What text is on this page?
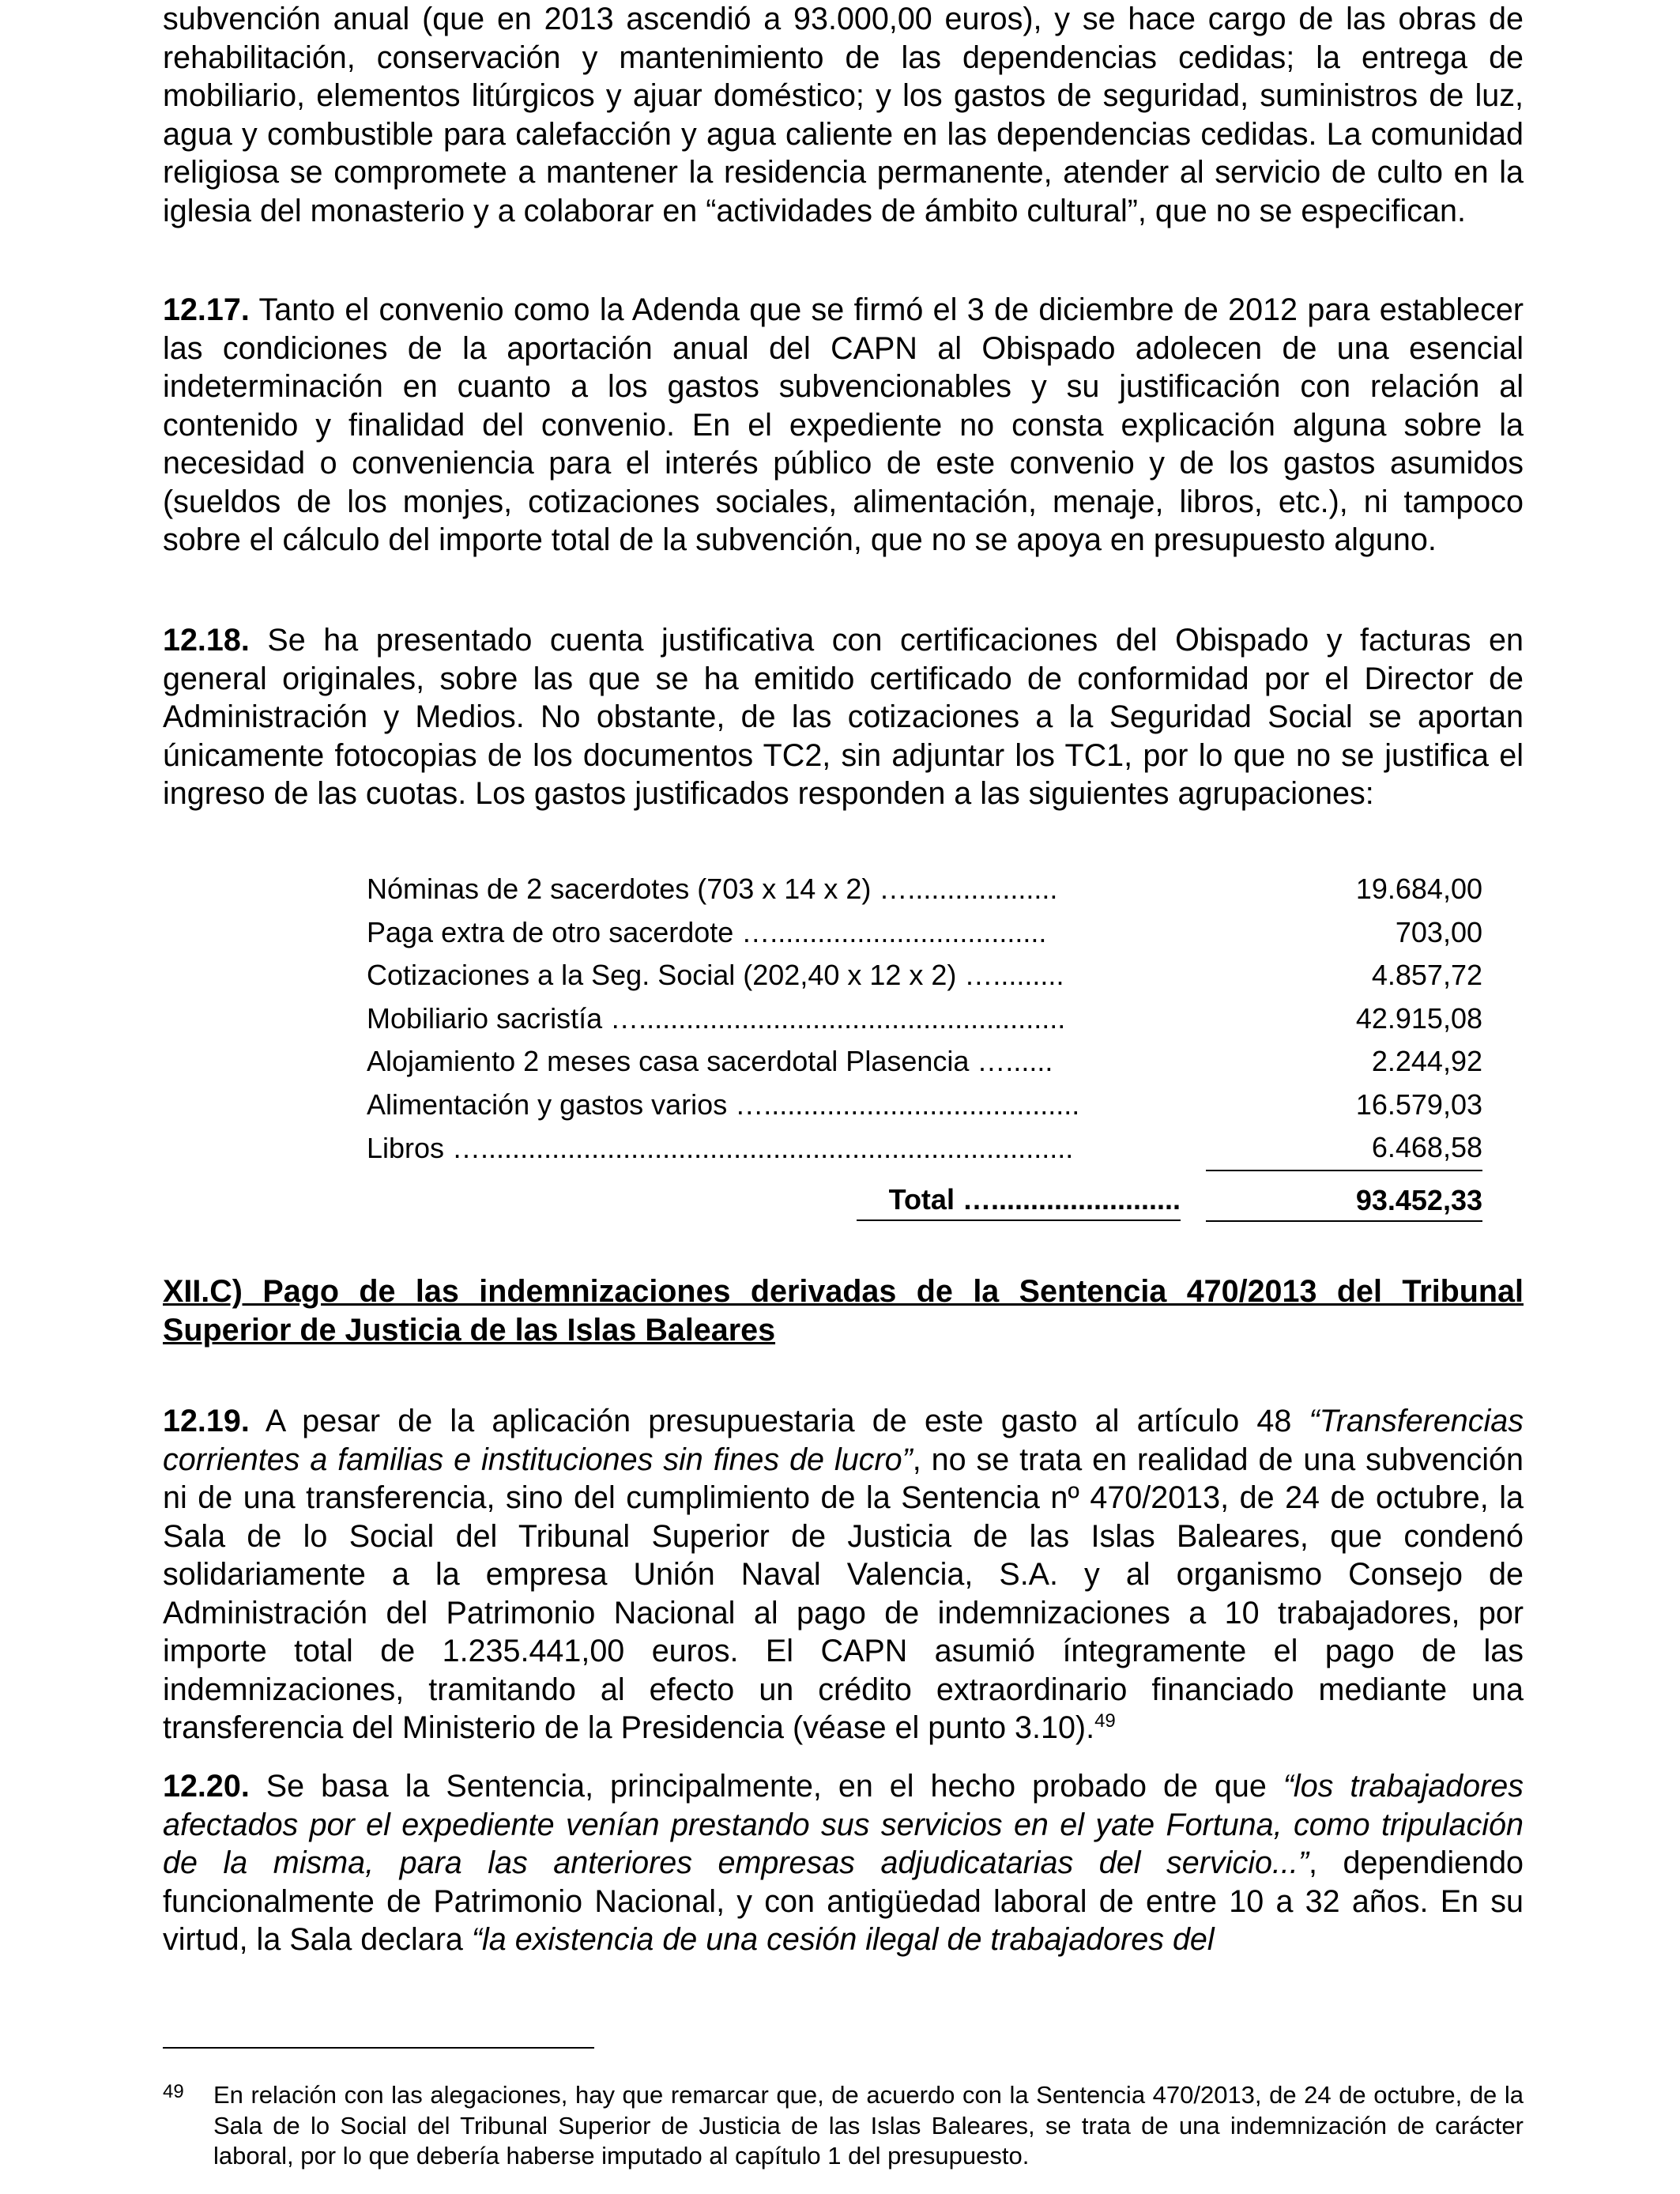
subvención anual (que en 2013 ascendió a 93.000,00 euros), y se hace cargo de las obras de rehabilitación, conservación y mantenimiento de las dependencias cedidas; la entrega de mobiliario, elementos litúrgicos y ajuar doméstico; y los gastos de seguridad, suministros de luz, agua y combustible para calefacción y agua caliente en las dependencias cedidas. La comunidad religiosa se compromete a mantener la residencia permanente, atender al servicio de culto en la iglesia del monasterio y a colaborar en “actividades de ámbito cultural”, que no se especifican.

12.17. Tanto el convenio como la Adenda que se firmó el 3 de diciembre de 2012 para establecer las condiciones de la aportación anual del CAPN al Obispado adolecen de una esencial indeterminación en cuanto a los gastos subvencionables y su justificación con relación al contenido y finalidad del convenio. En el expediente no consta explicación alguna sobre la necesidad o conveniencia para el interés público de este convenio y de los gastos asumidos (sueldos de los monjes, cotizaciones sociales, alimentación, menaje, libros, etc.), ni tampoco sobre el cálculo del importe total de la subvención, que no se apoya en presupuesto alguno.

12.18. Se ha presentado cuenta justificativa con certificaciones del Obispado y facturas en general originales, sobre las que se ha emitido certificado de conformidad por el Director de Administración y Medios. No obstante, de las cotizaciones a la Seguridad Social se aportan únicamente fotocopias de los documentos TC2, sin adjuntar los TC1, por lo que no se justifica el ingreso de las cuotas. Los gastos justificados responden a las siguientes agrupaciones:

Nóminas de 2 sacerdotes (703 x 14 x 2) …...................		19.684,00
Paga extra de otro sacerdote …...................................		703,00
Cotizaciones a la Seg. Social (202,40 x 12 x 2) ….........		4.857,72
Mobiliario sacristía …......................................................		42.915,08
Alojamiento 2 meses casa sacerdotal Plasencia …......		2.244,92
Alimentación y gastos varios …........................................		16.579,03
Libros …...........................................................................		6.468,58
Total …........................		93.452,33

XII.C) Pago de las indemnizaciones derivadas de la Sentencia 470/2013 del Tribunal Superior de Justicia de las Islas Baleares

12.19. A pesar de la aplicación presupuestaria de este gasto al artículo 48 “Transferencias corrientes a familias e instituciones sin fines de lucro”, no se trata en realidad de una subvención ni de una transferencia, sino del cumplimiento de la Sentencia nº 470/2013, de 24 de octubre, la Sala de lo Social del Tribunal Superior de Justicia de las Islas Baleares, que condenó solidariamente a la empresa Unión Naval Valencia, S.A. y al organismo Consejo de Administración del Patrimonio Nacional al pago de indemnizaciones a 10 trabajadores, por importe total de 1.235.441,00 euros. El CAPN asumió íntegramente el pago de las indemnizaciones, tramitando al efecto un crédito extraordinario financiado mediante una transferencia del Ministerio de la Presidencia (véase el punto 3.10).$^{49}$

12.20. Se basa la Sentencia, principalmente, en el hecho probado de que “los trabajadores afectados por el expediente venían prestando sus servicios en el yate Fortuna, como tripulación de la misma, para las anteriores empresas adjudicatarias del servicio...”, dependiendo funcionalmente de Patrimonio Nacional, y con antigüedad laboral de entre 10 a 32 años. En su virtud, la Sala declara “la existencia de una cesión ilegal de trabajadores del

49 En relación con las alegaciones, hay que remarcar que, de acuerdo con la Sentencia 470/2013, de 24 de octubre, de la Sala de lo Social del Tribunal Superior de Justicia de las Islas Baleares, se trata de una indemnización de carácter laboral, por lo que debería haberse imputado al capítulo 1 del presupuesto.
